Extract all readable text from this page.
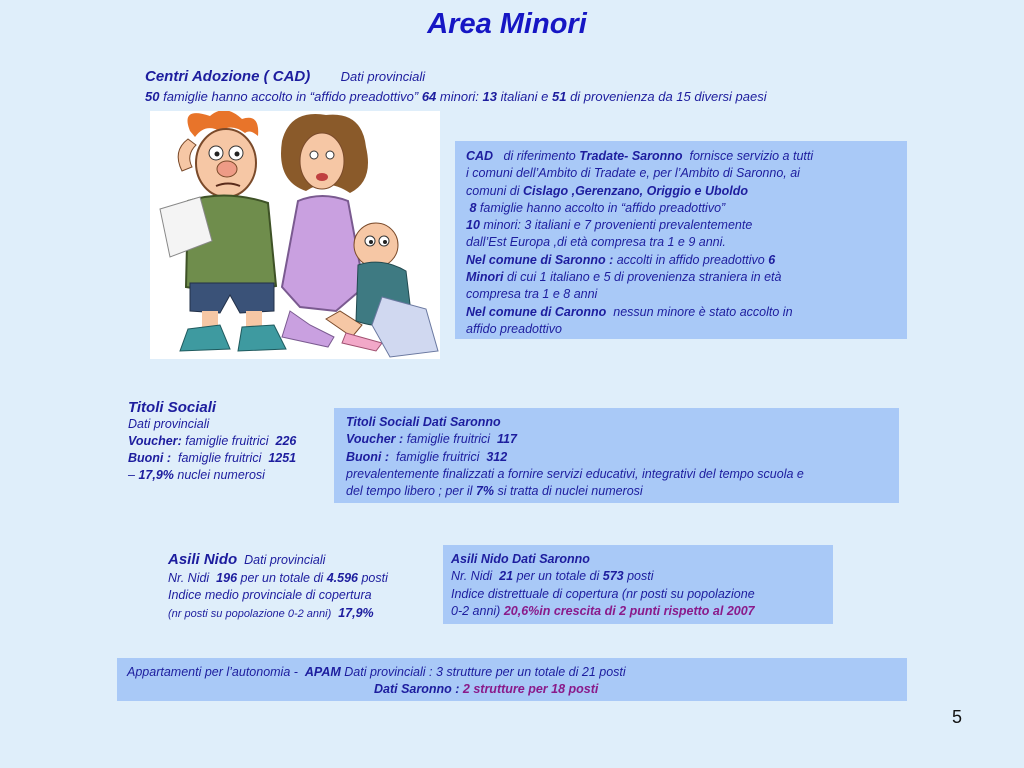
Area Minori
Centri Adozione ( CAD) Dati provinciali
50 famiglie hanno accolto in “affido preadottivo” 64 minori: 13 italiani e 51 di provenienza da 15 diversi paesi
CAD di riferimento Tradate- Saronno fornisce servizio a tutti
i comuni dell’Ambito di Tradate e, per l’Ambito di Saronno, ai
comuni di Cislago ,Gerenzano, Origgio e Uboldo
8 famiglie hanno accolto in “affido preadottivo”
10 minori: 3 italiani e 7 provenienti prevalentemente
dall’Est Europa ,di età compresa tra 1 e 9 anni.
Nel comune di Saronno : accolti in affido preadottivo 6
Minori di cui 1 italiano e 5 di provenienza straniera in età
compresa tra 1 e 8 anni
Nel comune di Caronno nessun minore è stato accolto in
affido preadottivo
Titoli Sociali
Dati provinciali
Voucher: famiglie fruitrici 226
Buoni : famiglie fruitrici 1251
– 17,9% nuclei numerosi
Titoli Sociali Dati Saronno
Voucher : famiglie fruitrici 117
Buoni : famiglie fruitrici 312
prevalentemente finalizzati a fornire servizi educativi, integrativi del tempo scuola e
del tempo libero ; per il 7% si tratta di nuclei numerosi
Asili Nido Dati provinciali
Nr. Nidi 196 per un totale di 4.596 posti
Indice medio provinciale di copertura
(nr posti su popolazione 0-2 anni) 17,9%
Asili Nido Dati Saronno
Nr. Nidi 21 per un totale di 573 posti
Indice distrettuale di copertura (nr posti su popolazione
0-2 anni) 20,6%in crescita di 2 punti rispetto al 2007
Appartamenti per l’autonomia - APAM Dati provinciali : 3 strutture per un totale di 21 posti
Dati Saronno : 2 strutture per 18 posti
5
